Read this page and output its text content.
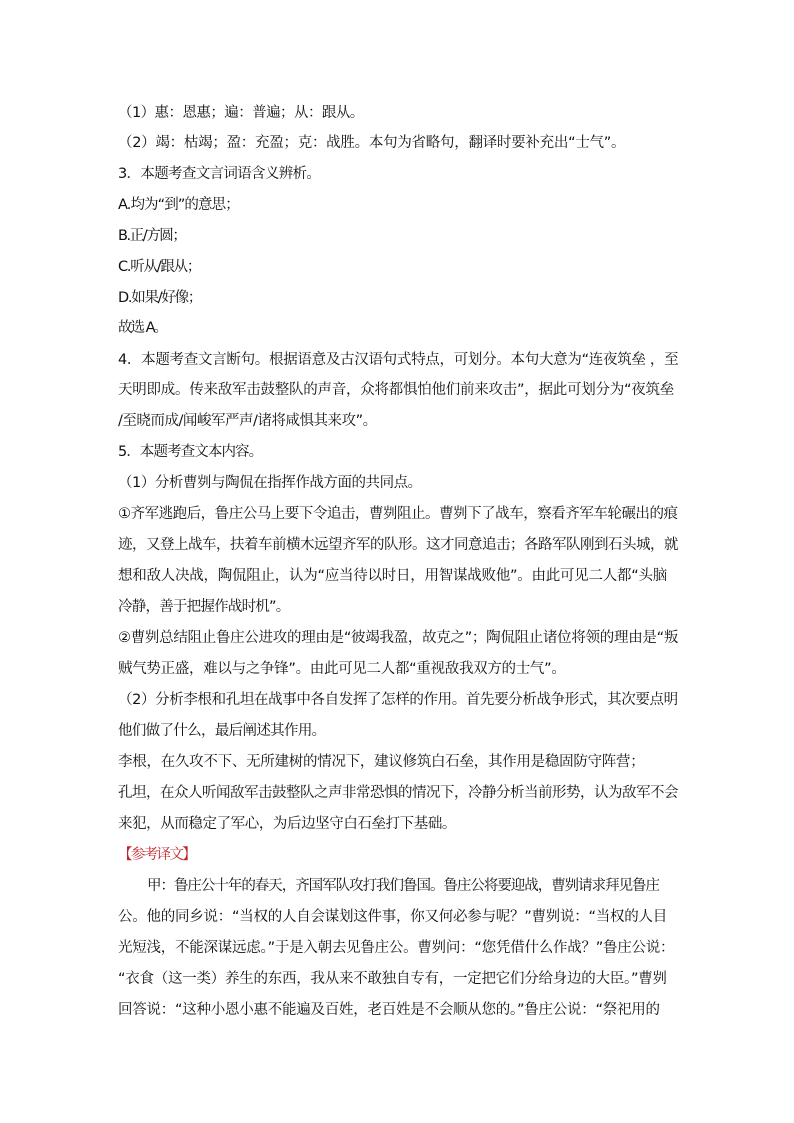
（1）惠：恩惠；遍：普遍；从：跟从。

（2）竭：枯竭；盈：充盈；克：战胜。本句为省略句，翻译时要补充出“士气”。

3．本题考查文言词语含义辨析。

A.均为“到”的意思；

B.正/方圆；

C.听从/跟从；

D.如果/好像；

故选 A。

4．本题考查文言断句。根据语意及古汉语句式特点，可划分。本句大意为“连夜筑垒 ，至

天明即成。传来敌军击鼓整队的声音，众将都惧怕他们前来攻击”，据此可划分为“夜筑垒

/至晓而成/闻峻军严声/诸将咸惧其来攻”。

5．本题考查文本内容。

（1）分析曹刿与陶侃在指挥作战方面的共同点。

①齐军逃跑后，鲁庄公马上要下令追击，曹刿阻止。曹刿下了战车，察看齐军车轮碾出的痕

迹，又登上战车，扶着车前横木远望齐军的队形。这才同意追击；各路军队刚到石头城，就

想和敌人决战，陶侃阻止，认为“应当待以时日，用智谋战败他”。由此可见二人都“头脑

冷静，善于把握作战时机”。

②曹刿总结阻止鲁庄公进攻的理由是“彼竭我盈，故克之”；陶侃阻止诸位将领的理由是“叛

贼气势正盛，难以与之争锋”。由此可见二人都“重视敌我双方的士气”。

（2）分析李根和孔坦在战事中各自发挥了怎样的作用。首先要分析战争形式，其次要点明

他们做了什么，最后阐述其作用。

李根，在久攻不下、无所建树的情况下，建议修筑白石垒，其作用是稳固防守阵营；

孔坦，在众人听闻敌军击鼓整队之声非常恐惧的情况下，冷静分析当前形势，认为敌军不会

来犯，从而稳定了军心，为后边坚守白石垒打下基础。

【参考译文】

甲：鲁庄公十年的春天，齐国军队攻打我们鲁国。鲁庄公将要迎战，曹刿请求拜见鲁庄

公。他的同乡说：“当权的人自会谋划这件事，你又何必参与呢？”曹刿说：“当权的人目

光短浅，不能深谋远虑。”于是入朝去见鲁庄公。曹刿问：“您凭借什么作战？”鲁庄公说：

“衣食（这一类）养生的东西，我从来不敢独自专有，一定把它们分给身边的大臣。”曹刿

回答说：“这种小恩小惠不能遍及百姓，老百姓是不会顺从您的。”鲁庄公说：“祭祀用的
